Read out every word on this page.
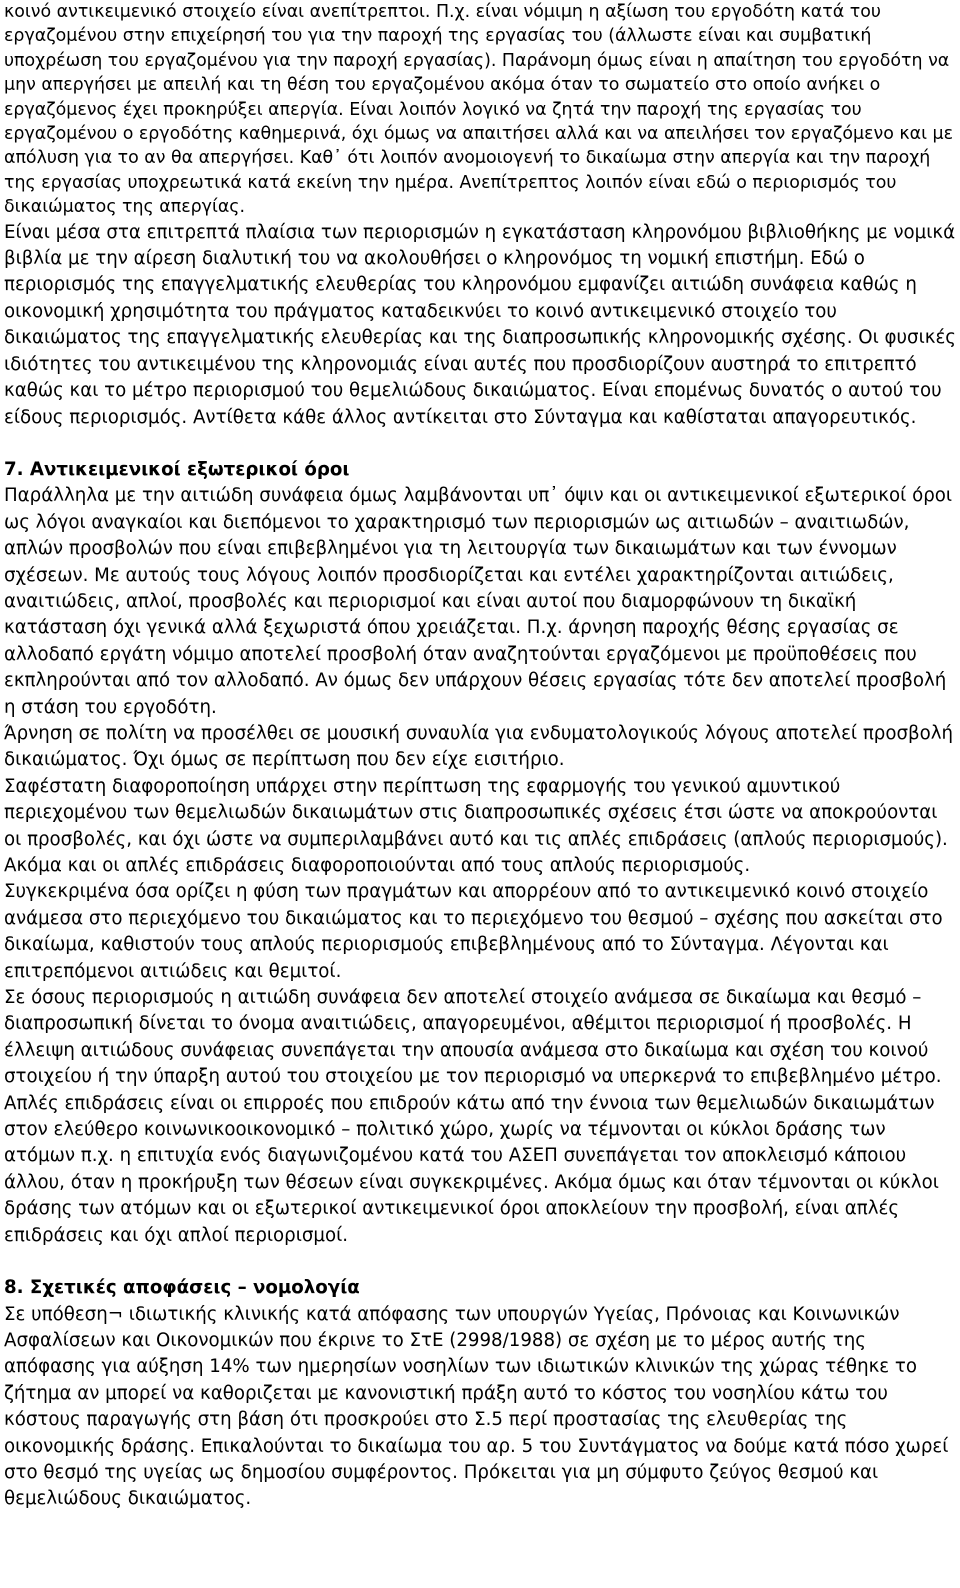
κοινό αντικειμενικό στοιχείο είναι ανεπίτρεπτοι. Π.χ. είναι νόμιμη η αξίωση του εργοδότη κατά του εργαζομένου στην επιχείρησή του για την παροχή της εργασίας του (άλλωστε είναι και συμβατική υποχρέωση του εργαζομένου για την παροχή εργασίας). Παράνομη όμως είναι η απαίτηση του εργοδότη να μην απεργήσει με απειλή και τη θέση του εργαζομένου ακόμα όταν το σωματείο στο οποίο ανήκει ο εργαζόμενος έχει προκηρύξει απεργία. Είναι λοιπόν λογικό να ζητά την παροχή της εργασίας του εργαζομένου ο εργοδότης καθημερινά, όχι όμως να απαιτήσει αλλά και να απειλήσει τον εργαζόμενο και με απόλυση για το αν θα απεργήσει. Καθ᾽ ότι λοιπόν ανομοιογενή το δικαίωμα στην απεργία και την παροχή της εργασίας υποχρεωτικά κατά εκείνη την ημέρα. Ανεπίτρεπτος λοιπόν είναι εδώ ο περιορισμός του δικαιώματος της απεργίας.

Είναι μέσα στα επιτρεπτά πλαίσια των περιορισμών η εγκατάσταση κληρονόμου βιβλιοθήκης με νομικά βιβλία με την αίρεση διαλυτική του να ακολουθήσει ο κληρονόμος τη νομική επιστήμη. Εδώ ο περιορισμός της επαγγελματικής ελευθερίας του κληρονόμου εμφανίζει αιτιώδη συνάφεια καθώς η οικονομική χρησιμότητα του πράγματος καταδεικνύει το κοινό αντικειμενικό στοιχείο του δικαιώματος της επαγγελματικής ελευθερίας και της διαπροσωπικής κληρονομικής σχέσης. Οι φυσικές ιδιότητες του αντικειμένου της κληρονομιάς είναι αυτές που προσδιορίζουν αυστηρά το επιτρεπτό καθώς και το μέτρο περιορισμού του θεμελιώδους δικαιώματος. Είναι επομένως δυνατός ο αυτού του είδους περιορισμός. Αντίθετα κάθε άλλος αντίκειται στο Σύνταγμα και καθίσταται απαγορευτικός.

7. Αντικειμενικοί εξωτερικοί όροι

Παράλληλα με την αιτιώδη συνάφεια όμως λαμβάνονται υπ᾽ όψιν και οι αντικειμενικοί εξωτερικοί όροι ως λόγοι αναγκαίοι και διεπόμενοι το χαρακτηρισμό των περιορισμών ως αιτιωδών – αναιτιωδών, απλών προσβολών που είναι επιβεβλημένοι για τη λειτουργία των δικαιωμάτων και των έννομων σχέσεων. Με αυτούς τους λόγους λοιπόν προσδιορίζεται και εντέλει χαρακτηρίζονται αιτιώδεις, αναιτιώδεις, απλοί, προσβολές και περιορισμοί και είναι αυτοί που διαμορφώνουν τη δικαϊκή κατάσταση όχι γενικά αλλά ξεχωριστά όπου χρειάζεται. Π.χ. άρνηση παροχής θέσης εργασίας σε αλλοδαπό εργάτη νόμιμο αποτελεί προσβολή όταν αναζητούνται εργαζόμενοι με προϋποθέσεις που εκπληρούνται από τον αλλοδαπό. Αν όμως δεν υπάρχουν θέσεις εργασίας τότε δεν αποτελεί προσβολή η στάση του εργοδότη.

Άρνηση σε πολίτη να προσέλθει σε μουσική συναυλία για ενδυματολογικούς λόγους αποτελεί προσβολή δικαιώματος. Όχι όμως σε περίπτωση που δεν είχε εισιτήριο.

Σαφέστατη διαφοροποίηση υπάρχει στην περίπτωση της εφαρμογής του γενικού αμυντικού περιεχομένου των θεμελιωδών δικαιωμάτων στις διαπροσωπικές σχέσεις έτσι ώστε να αποκρούονται οι προσβολές, και όχι ώστε να συμπεριλαμβάνει αυτό και τις απλές επιδράσεις (απλούς περιορισμούς). Ακόμα και οι απλές επιδράσεις διαφοροποιούνται από τους απλούς περιορισμούς.

Συγκεκριμένα όσα ορίζει η φύση των πραγμάτων και απορρέουν από το αντικειμενικό κοινό στοιχείο ανάμεσα στο περιεχόμενο του δικαιώματος και το περιεχόμενο του θεσμού – σχέσης που ασκείται στο δικαίωμα, καθιστούν τους απλούς περιορισμούς επιβεβλημένους από το Σύνταγμα. Λέγονται και επιτρεπόμενοι αιτιώδεις και θεμιτοί.

Σε όσους περιορισμούς η αιτιώδη συνάφεια δεν αποτελεί στοιχείο ανάμεσα σε δικαίωμα και θεσμό – διαπροσωπική δίνεται το όνομα αναιτιώδεις, απαγορευμένοι, αθέμιτοι περιορισμοί ή προσβολές. Η έλλειψη αιτιώδους συνάφειας συνεπάγεται την απουσία ανάμεσα στο δικαίωμα και σχέση του κοινού στοιχείου ή την ύπαρξη αυτού του στοιχείου με τον περιορισμό να υπερκερνά το επιβεβλημένο μέτρο.

Απλές επιδράσεις είναι οι επιρροές που επιδρούν κάτω από την έννοια των θεμελιωδών δικαιωμάτων στον ελεύθερο κοινωνικοοικονομικό – πολιτικό χώρο, χωρίς να τέμνονται οι κύκλοι δράσης των ατόμων π.χ. η επιτυχία ενός διαγωνιζομένου κατά του ΑΣΕΠ συνεπάγεται τον αποκλεισμό κάποιου άλλου, όταν η προκήρυξη των θέσεων είναι συγκεκριμένες. Ακόμα όμως και όταν τέμνονται οι κύκλοι δράσης των ατόμων και οι εξωτερικοί αντικειμενικοί όροι αποκλείουν την προσβολή, είναι απλές επιδράσεις και όχι απλοί περιορισμοί.

8. Σχετικές αποφάσεις – νομολογία

Σε υπόθεση¬ ιδιωτικής κλινικής κατά απόφασης των υπουργών Υγείας, Πρόνοιας και Κοινωνικών Ασφαλίσεων και Οικονομικών που έκρινε το ΣτΕ (2998/1988) σε σχέση με το μέρος αυτής της απόφασης για αύξηση 14% των ημερησίων νοσηλίων των ιδιωτικών κλινικών της χώρας τέθηκε το ζήτημα αν μπορεί να καθοριζεται με κανονιστική πράξη αυτό το κόστος του νοσηλίου κάτω του κόστους παραγωγής στη βάση ότι προσκρούει στο Σ.5 περί προστασίας της ελευθερίας της οικονομικής δράσης. Επικαλούνται το δικαίωμα του αρ. 5 του Συντάγματος να δούμε κατά πόσο χωρεί στο θεσμό της υγείας ως δημοσίου συμφέροντος. Πρόκειται για μη σύμφυτο ζεύγος θεσμού και θεμελιώδους δικαιώματος.
